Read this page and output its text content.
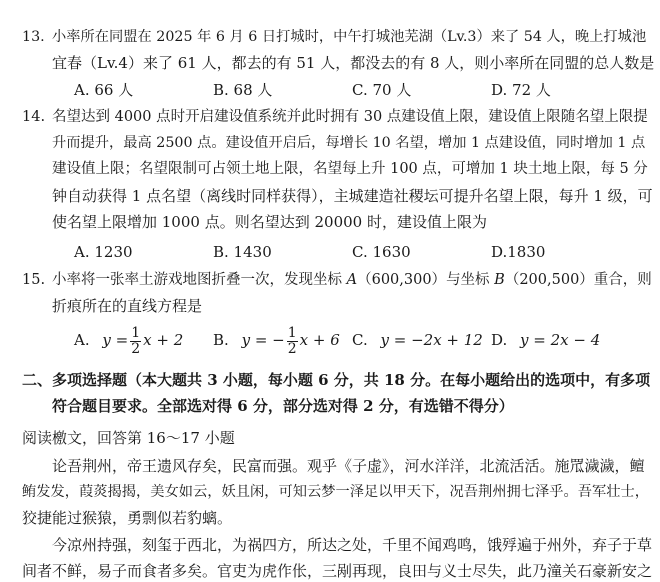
13. 小率所在同盟在 2025 年 6 月 6 日打城时，中午打城池芜湖（Lv.3）来了 54 人，晚上打城池
宜春（Lv.4）来了 61 人，都去的有 51 人，都没去的有 8 人，则小率所在同盟的总人数是
A. 66 人	B. 68 人	C. 70 人	D. 72 人
14. 名望达到 4000 点时开启建设值系统并此时拥有 30 点建设值上限，建设值上限随名望上限提
升而提升，最高 2500 点。建设值开启后，每增长 10 名望，增加 1 点建设值，同时增加 1 点
建设值上限；名望限制可占领土地上限，名望每上升 100 点，可增加 1 块土地上限，每 5 分
钟自动获得 1 点名望（离线时同样获得），主城建造社稷坛可提升名望上限，每升 1 级，可
使名望上限增加 1000 点。则名望达到 20000 时，建设值上限为
A. 1230	B. 1430	C. 1630	D.1830
15. 小率将一张率土游戏地图折叠一次，发现坐标 A（600,300）与坐标 B（200,500）重合，则
折痕所在的直线方程是
A. $y = \frac{1}{2}$ x + 2 B. y = − $\frac{1}{2}$ x + 6 C. y = −2x + 12 D. y = 2x − 4
二、多项选择题（本大题共 3 小题，每小题 6 分，共 18 分。在每小题给出的选项中，有多项
符合题目要求。全部选对得 6 分，部分选对得 2 分，有选错不得分）
阅读檄文，回答第 16～17 小题
论吾荆州，帝王遗风存矣，民富而强。观乎《子虚》，河水洋洋，北流活活。施罛濊濊，鳣
鲔发发，葭菼揭揭，美女如云，妖且闲，可知云梦一泽足以甲天下，况吾荆州拥七泽乎。吾军壮士，
狡捷能过猴猿，勇剽似若豹螭。
今凉州持强，刻玺于西北，为祸四方，所达之处，千里不闻鸡鸣，饿殍遍于州外，弃子于草
间者不鲜，易子而食者多矣。官吏为虎作伥，三剐再现，良田与义士尽失，此乃潼关石豪新安之
